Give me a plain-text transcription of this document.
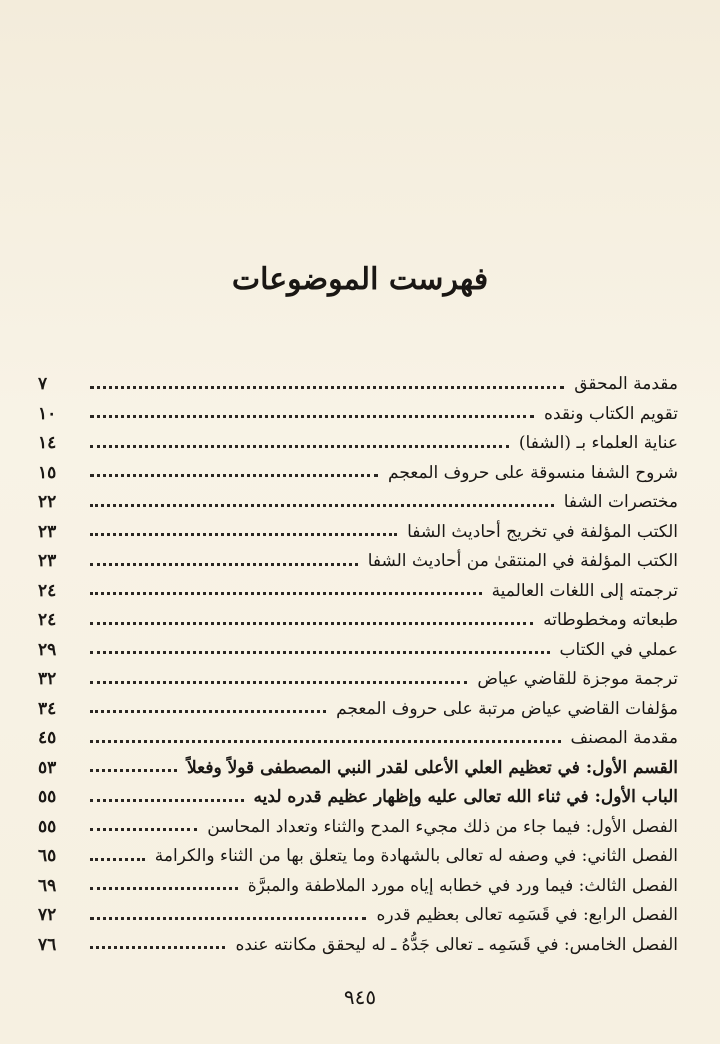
فهرست الموضوعات
مقدمة المحقق
٧
تقويم الكتاب ونقده
١٠
عناية العلماء بـ (الشفا)
١٤
شروح الشفا منسوقة على حروف المعجم
١٥
مختصرات الشفا
٢٢
الكتب المؤلفة في تخريج أحاديث الشفا
٢٣
الكتب المؤلفة في المنتقىٰ من أحاديث الشفا
٢٣
ترجمته إلى اللغات العالمية
٢٤
طبعاته ومخطوطاته
٢٤
عملي في الكتاب
٢٩
ترجمة موجزة للقاضي عياض
٣٢
مؤلفات القاضي عياض مرتبة على حروف المعجم
٣٤
مقدمة المصنف
٤٥
القسم الأول: في تعظيم العلي الأعلى لقدر النبي المصطفى قولاً وفعلاً
٥٣
الباب الأول: في ثناء الله تعالى عليه وإظهار عظيم قدره لديه
٥٥
الفصل الأول: فيما جاء من ذلك مجيء المدح والثناء وتعداد المحاسن
٥٥
الفصل الثاني: في وصفه له تعالى بالشهادة وما يتعلق بها من الثناء والكرامة
٦٥
الفصل الثالث: فيما ورد في خطابه إياه مورد الملاطفة والمبرَّة
٦٩
الفصل الرابع: في قَسَمِه تعالى بعظيم قدره
٧٢
الفصل الخامس: في قَسَمِه ـ تعالى جَدُّهُ ـ له ليحقق مكانته عنده
٧٦
٩٤٥
